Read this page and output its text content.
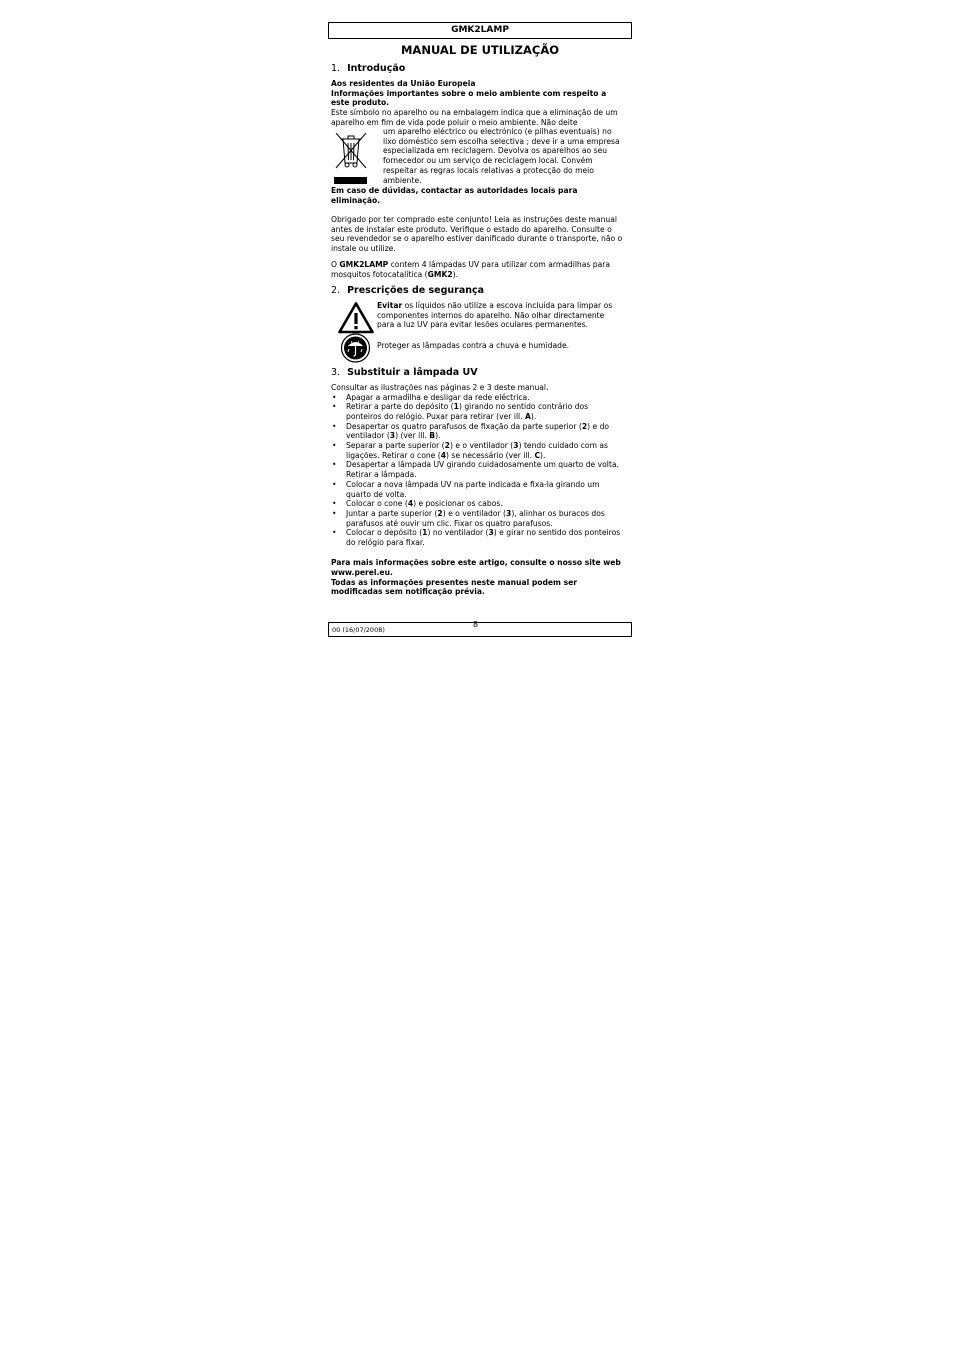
GMK2LAMP
MANUAL DE UTILIZAÇÃO
1. Introdução
Aos residentes da União Europeia
Informações importantes sobre o meio ambiente com respeito a este produto.
Este símbolo no aparelho ou na embalagem indica que a eliminação de um aparelho em fim de vida pode poluir o meio ambiente. Não deite
um aparelho eléctrico ou electrónico (e pilhas eventuais) no lixo doméstico sem escolha selectiva ; deve ir a uma empresa especializada em reciclagem. Devolva os aparelhos ao seu fornecedor ou um serviço de reciclagem local. Convém respeitar as regras locais relativas a protecção do meio ambiente.
Em caso de dúvidas, contactar as autoridades locais para eliminação.
Obrigado por ter comprado este conjunto! Leia as instruções deste manual antes de instalar este produto. Verifique o estado do aparelho. Consulte o seu revendedor se o aparelho estiver danificado durante o transporte, não o instale ou utilize.
O GMK2LAMP contem 4 lâmpadas UV para utilizar com armadilhas para mosquitos fotocatalítica (GMK2).
2. Prescrições de segurança
Evitar os líquidos não utilize a escova incluída para limpar os componentes internos do aparelho. Não olhar directamente para a luz UV para evitar lesões oculares permanentes.
Proteger as lâmpadas contra a chuva e humidade.
3. Substituir a lâmpada UV
Consultar as ilustrações nas páginas 2 e 3 deste manual.
• Apagar a armadilha e desligar da rede eléctrica.
• Retirar a parte do depósito (1) girando no sentido contrário dos ponteiros do relógio. Puxar para retirar (ver ill. A).
• Desapertar os quatro parafusos de fixação da parte superior (2) e do ventilador (3) (ver ill. B).
• Separar a parte superior (2) e o ventilador (3) tendo cuidado com as ligações. Retirar o cone (4) se necessário (ver ill. C).
• Desapertar a lâmpada UV girando cuidadosamente um quarto de volta. Retirar a lâmpada.
• Colocar a nova lâmpada UV na parte indicada e fixa-la girando um quarto de volta.
• Colocar o cone (4) e posicionar os cabos.
• Juntar a parte superior (2) e o ventilador (3), alinhar os buracos dos parafusos até ouvir um clic. Fixar os quatro parafusos.
• Colocar o depósito (1) no ventilador (3) e girar no sentido dos ponteiros do relógio para fixar.
Para mais informações sobre este artigo, consulte o nosso site web www.perel.eu.
Todas as informações presentes neste manual podem ser modificadas sem notificação prévia.
00 (16/07/2008)
8
